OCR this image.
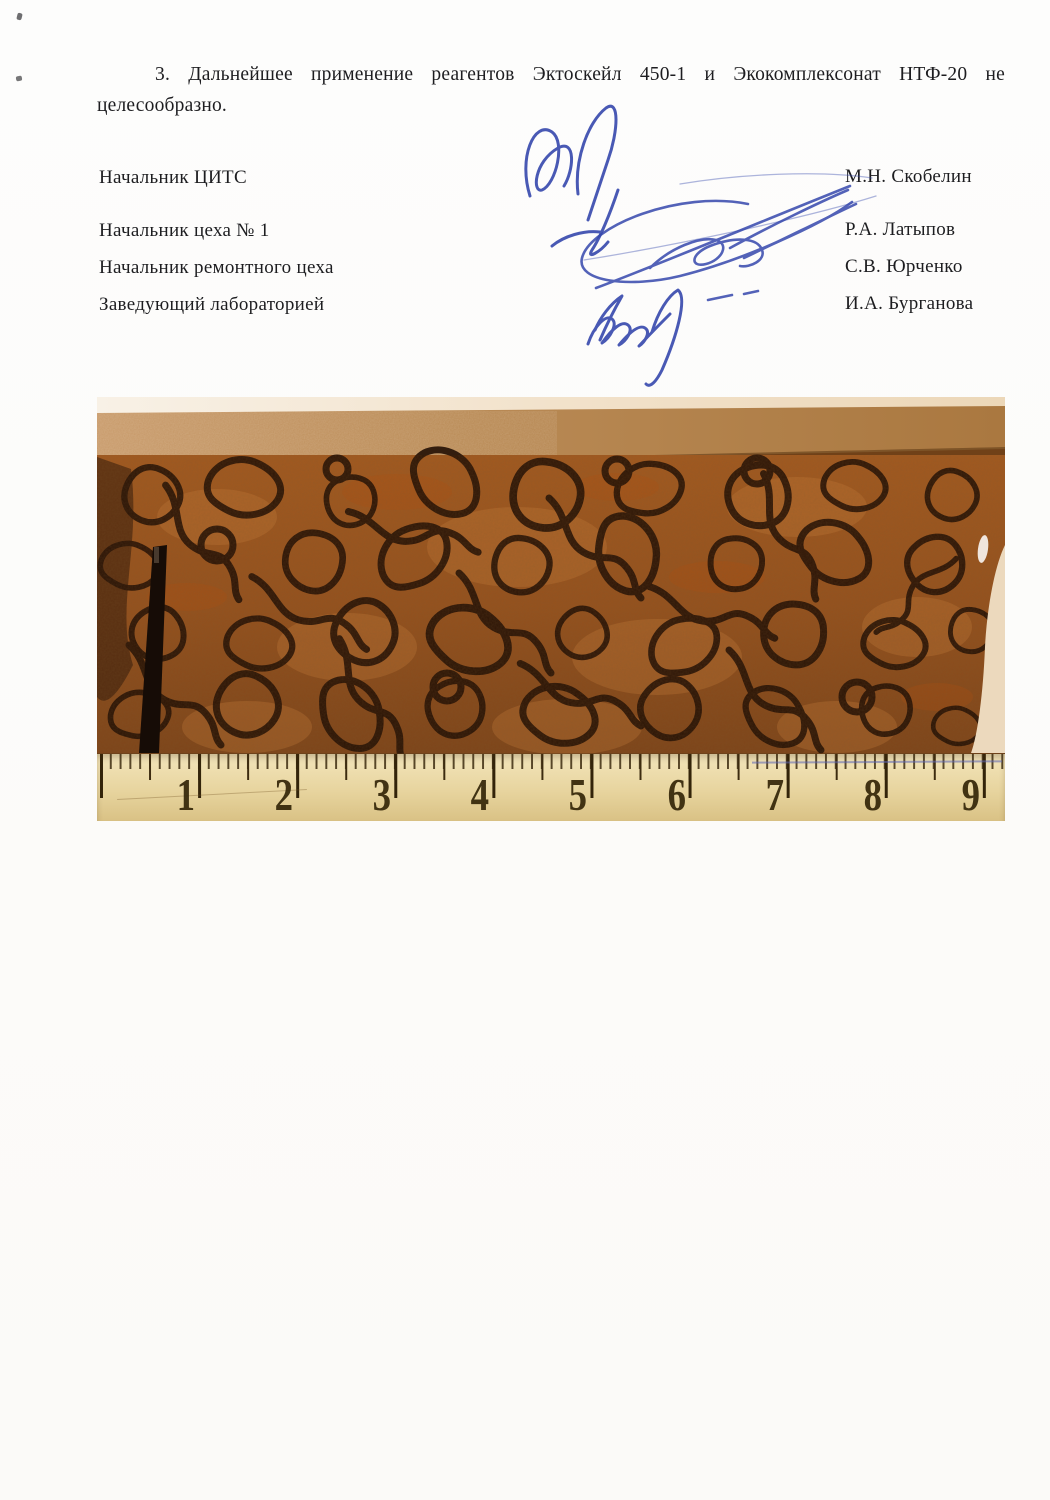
3. Дальнейшее применение реагентов Эктоскейл 450-1 и Экокомплексонат НТФ-20 не
целесообразно.
Начальник ЦИТС
Начальник цеха № 1
Начальник ремонтного цеха
Заведующий лабораторией
М.Н. Скобелин
Р.А. Латыпов
С.В. Юрченко
И.А. Бурганова
1 2 3 4 5 6 7 8 9
